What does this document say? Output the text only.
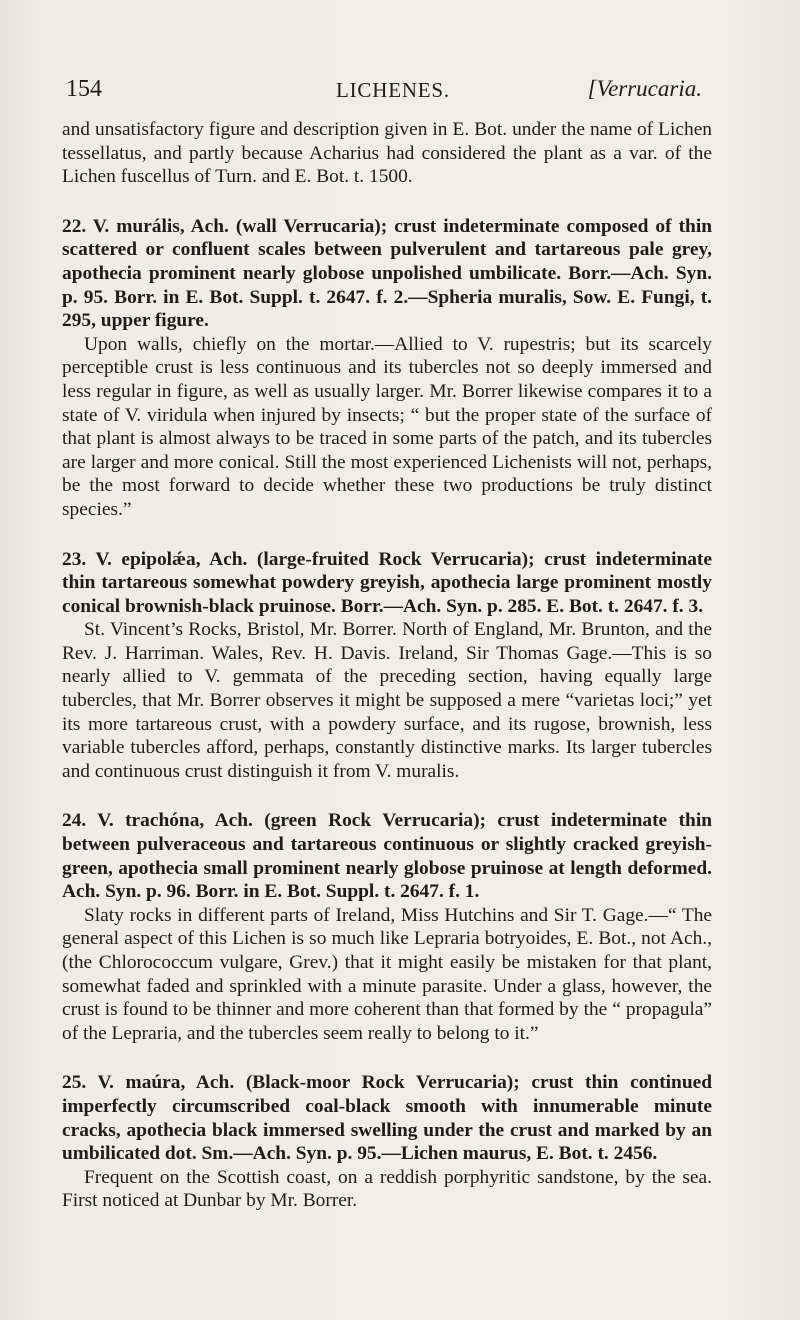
154	LICHENES.	[Verrucaria.

and unsatisfactory figure and description given in E. Bot. under the name of Lichen tessellatus, and partly because Acharius had considered the plant as a var. of the Lichen fuscellus of Turn. and E. Bot. t. 1500.

22. V. murális, Ach. (wall Verrucaria); crust indeterminate composed of thin scattered or confluent scales between pulverulent and tartareous pale grey, apothecia prominent nearly globose unpolished umbilicate. Borr.—Ach. Syn. p. 95. Borr. in E. Bot. Suppl. t. 2647. f. 2.—Spheria muralis, Sow. E. Fungi, t. 295, upper figure.

Upon walls, chiefly on the mortar.—Allied to V. rupestris; but its scarcely perceptible crust is less continuous and its tubercles not so deeply immersed and less regular in figure, as well as usually larger. Mr. Borrer likewise compares it to a state of V. viridula when injured by insects; “ but the proper state of the surface of that plant is almost always to be traced in some parts of the patch, and its tubercles are larger and more conical. Still the most experienced Lichenists will not, perhaps, be the most forward to decide whether these two productions be truly distinct species.”

23. V. epipolǽa, Ach. (large-fruited Rock Verrucaria); crust indeterminate thin tartareous somewhat powdery greyish, apothecia large prominent mostly conical brownish-black pruinose. Borr.—Ach. Syn. p. 285. E. Bot. t. 2647. f. 3.

St. Vincent’s Rocks, Bristol, Mr. Borrer. North of England, Mr. Brunton, and the Rev. J. Harriman. Wales, Rev. H. Davis. Ireland, Sir Thomas Gage.—This is so nearly allied to V. gemmata of the preceding section, having equally large tubercles, that Mr. Borrer observes it might be supposed a mere “varietas loci;” yet its more tartareous crust, with a powdery surface, and its rugose, brownish, less variable tubercles afford, perhaps, constantly distinctive marks. Its larger tubercles and continuous crust distinguish it from V. muralis.

24. V. trachóna, Ach. (green Rock Verrucaria); crust indeterminate thin between pulveraceous and tartareous continuous or slightly cracked greyish-green, apothecia small prominent nearly globose pruinose at length deformed. Ach. Syn. p. 96. Borr. in E. Bot. Suppl. t. 2647. f. 1.

Slaty rocks in different parts of Ireland, Miss Hutchins and Sir T. Gage.—“ The general aspect of this Lichen is so much like Lepraria botryoides, E. Bot., not Ach., (the Chlorococcum vulgare, Grev.) that it might easily be mistaken for that plant, somewhat faded and sprinkled with a minute parasite. Under a glass, however, the crust is found to be thinner and more coherent than that formed by the “ propagula” of the Lepraria, and the tubercles seem really to belong to it.”

25. V. maúra, Ach. (Black-moor Rock Verrucaria); crust thin continued imperfectly circumscribed coal-black smooth with innumerable minute cracks, apothecia black immersed swelling under the crust and marked by an umbilicated dot. Sm.—Ach. Syn. p. 95.—Lichen maurus, E. Bot. t. 2456.

Frequent on the Scottish coast, on a reddish porphyritic sandstone, by the sea. First noticed at Dunbar by Mr. Borrer.
